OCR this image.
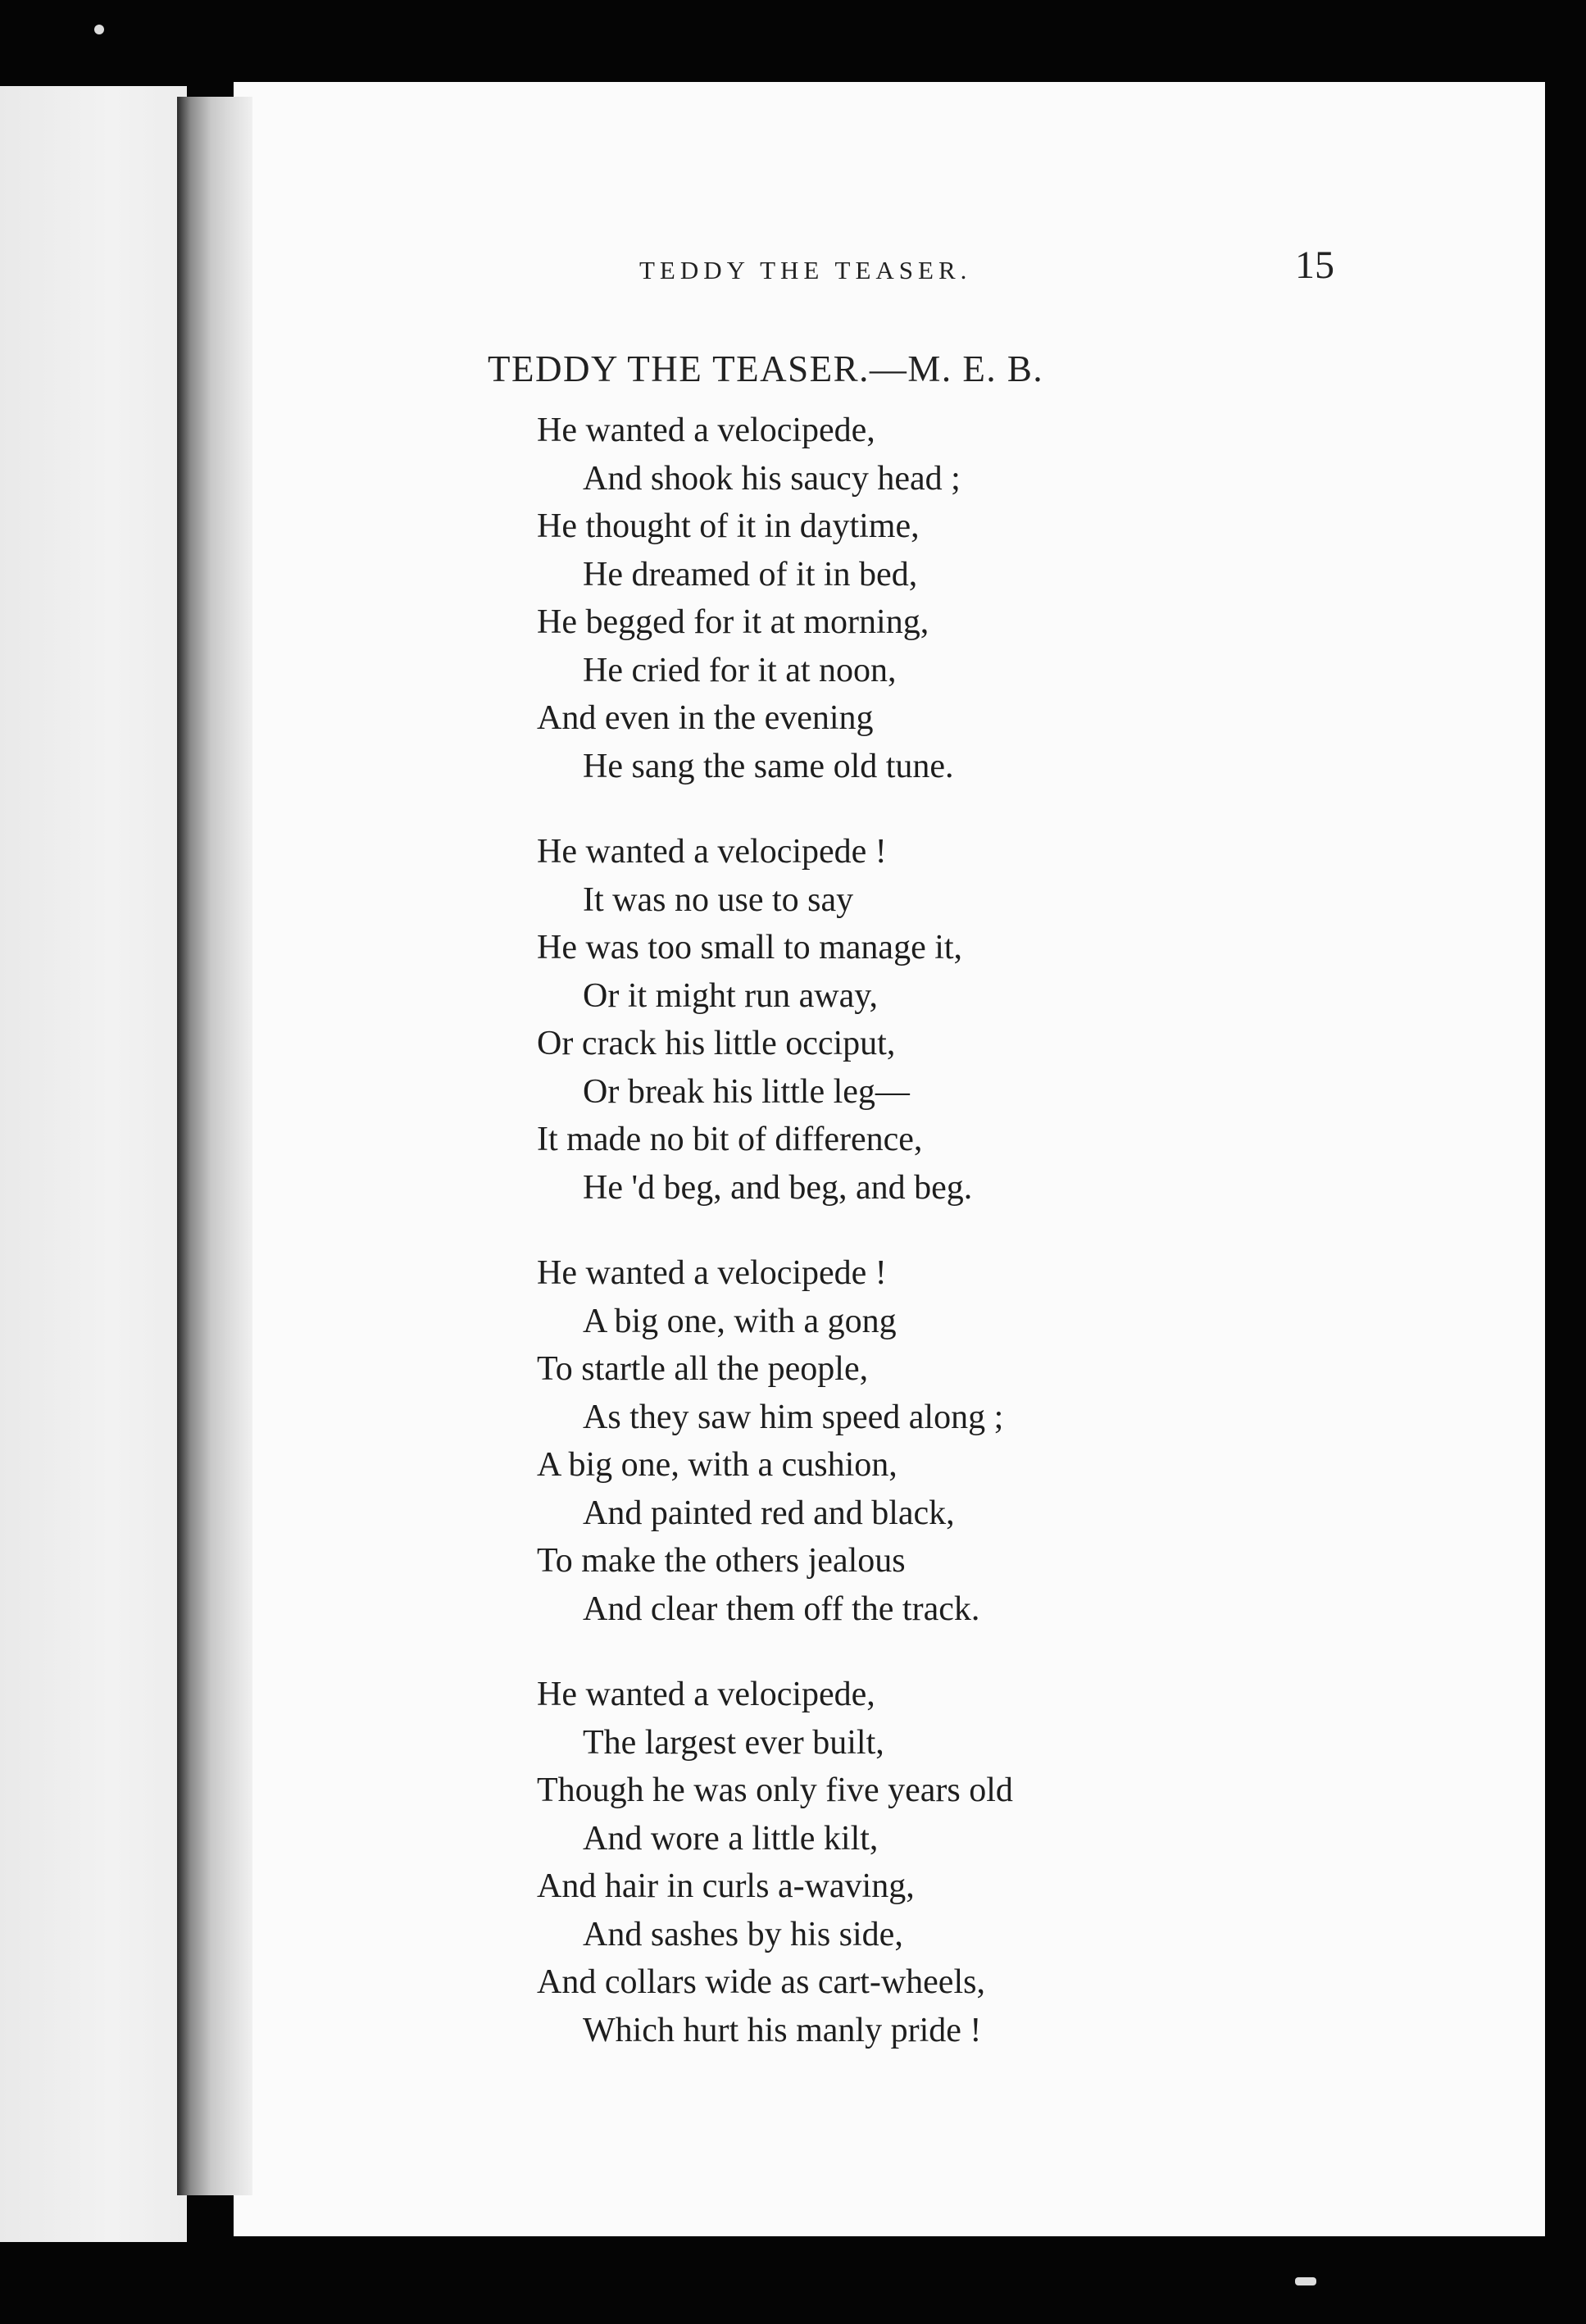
TEDDY THE TEASER.	15
TEDDY THE TEASER.—M. E. B.
He wanted a velocipede,
And shook his saucy head ;
He thought of it in daytime,
He dreamed of it in bed,
He begged for it at morning,
He cried for it at noon,
And even in the evening
He sang the same old tune.
He wanted a velocipede !
It was no use to say
He was too small to manage it,
Or it might run away,
Or crack his little occiput,
Or break his little leg—
It made no bit of difference,
He 'd beg, and beg, and beg.
He wanted a velocipede !
A big one, with a gong
To startle all the people,
As they saw him speed along ;
A big one, with a cushion,
And painted red and black,
To make the others jealous
And clear them off the track.
He wanted a velocipede,
The largest ever built,
Though he was only five years old
And wore a little kilt,
And hair in curls a-waving,
And sashes by his side,
And collars wide as cart-wheels,
Which hurt his manly pride !
